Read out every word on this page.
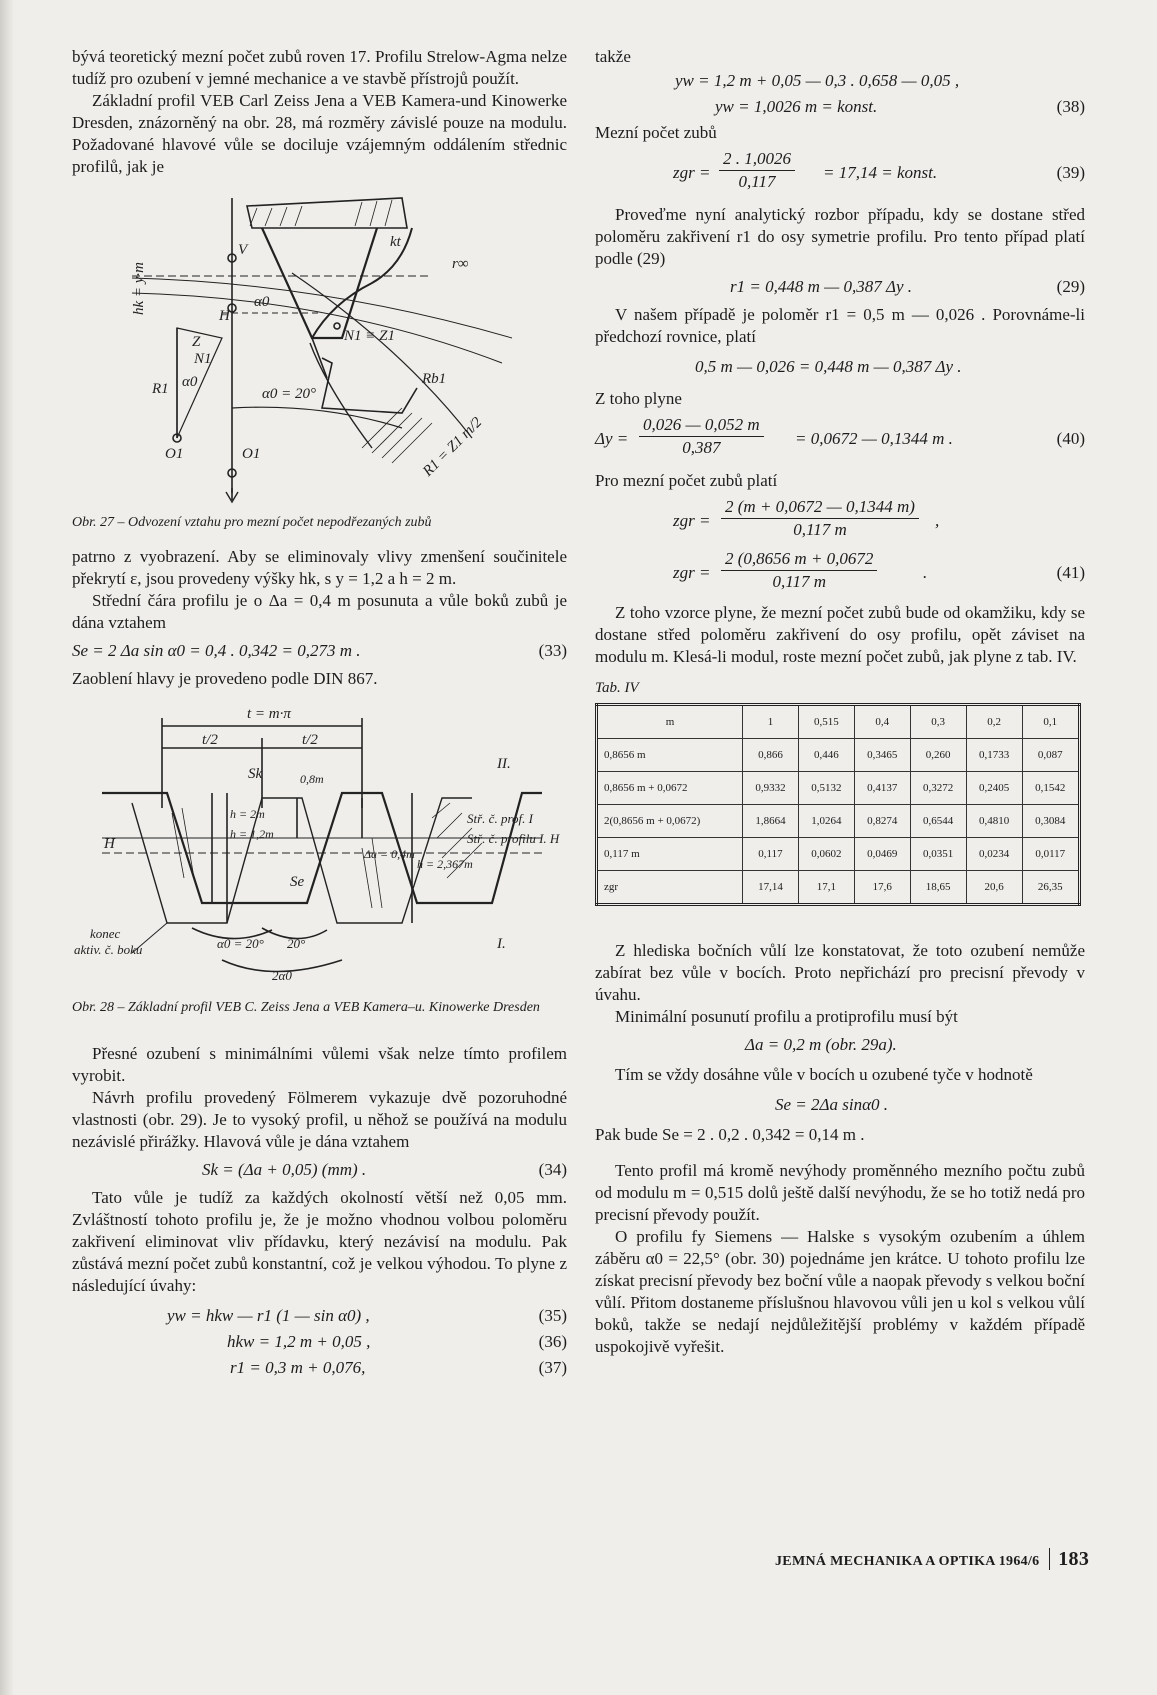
bývá teoretický mezní počet zubů roven 17. Profilu Strelow-Agma nelze tudíž pro ozubení v jemné mechanice a ve stavbě přístrojů použít.

Základní profil VEB Carl Zeiss Jena a VEB Kamera-und Kinowerke Dresden, znázorněný na obr. 28, má rozměry závislé pouze na modulu. Požadované hlavové vůle se dociluje vzájemným oddálením střednic profilů, jak je

V
Z
H
N1
O1	O1
R1
r∞
kt
α0
α0 = 20°
N1 ≡ Z1
hk = y·m
Rb1
R1 = Z1 m/2
α0
Obr. 27 – Odvození vztahu pro mezní počet nepodřezaných zubů

patrno z vyobrazení. Aby se eliminovaly vlivy zmenšení součinitele překrytí ε, jsou provedeny výšky hk, s y = 1,2 a h = 2 m.

Střední čára profilu je o Δa = 0,4 m posunuta a vůle boků zubů je dána vztahem

Se = 2 Δa sin α0 = 0,4 . 0,342 = 0,273 m .	(33)

Zaoblení hlavy je provedeno podle DIN 867.

t = m·π
t/2	t/2
Sk
h = 1,2m
h = 2m
0,8m
Δa = 0,4m
h = 2,367m
Se
II.
I.
H
Stř. č. prof. I
Stř. č. profilu I. H
konec
aktiv. č. boku	α0 = 20° 20°
2α0
Obr. 28 – Základní profil VEB C. Zeiss Jena a VEB Kamera–u. Kinowerke Dresden

Přesné ozubení s minimálními vůlemi však nelze tímto profilem vyrobit.

Návrh profilu provedený Fölmerem vykazuje dvě pozoruhodné vlastnosti (obr. 29). Je to vysoký profil, u něhož se používá na modulu nezávislé přirážky. Hlavová vůle je dána vztahem

Sk = (Δa + 0,05) (mm) .	(34)

Tato vůle je tudíž za každých okolností větší než 0,05 mm. Zvláštností tohoto profilu je, že je možno vhodnou volbou poloměru zakřivení eliminovat vliv přídavku, který nezávisí na modulu. Pak zůstává mezní počet zubů konstantní, což je velkou výhodou. To plyne z následující úvahy:

yw = hkw — r1 (1 — sin α0) ,	(35)
hkw = 1,2 m + 0,05 ,	(36)
r1 = 0,3 m + 0,076,	(37)

takže

yw = 1,2 m + 0,05 — 0,3 . 0,658 — 0,05 ,
yw = 1,0026 m = konst.	(38)

Mezní počet zubů

zgr = $\frac{2 . 1,0026}{0,117} = 17,14$ = konst.	(39)

Proveďme nyní analytický rozbor případu, kdy se dostane střed poloměru zakřivení r1 do osy symetrie profilu. Pro tento případ platí podle (29)

r1 = 0,448 m — 0,387 Δy .	(29)

V našem případě je poloměr r1 = 0,5 m — 0,026 . Porovnáme-li předchozí rovnice, platí

0,5 m — 0,026 = 0,448 m — 0,387 Δy .

Z toho plyne

$\Delta y = \frac{0,026 — 0,052 m}{0,387} = 0,0672$ — 0,1344 m .	(40)

Pro mezní počet zubů platí

zgr = $\frac{2 (m + 0,0672 — 0,1344 m)}{0,117 m}$ ,
zgr = $\frac{2 (0,8656 m + 0,0672}{0,117 m}$	.	(41)

Z toho vzorce plyne, že mezní počet zubů bude od okamžiku, kdy se dostane střed poloměru zakřivení do osy profilu, opět záviset na modulu m. Klesá-li modul, roste mezní počet zubů, jak plyne z tab. IV.

Tab. IV
m	1	0,515	0,4	0,3	0,2	0,1
0,8656 m	0,866	0,446	0,3465	0,260	0,1733	0,087
0,8656 m + 0,0672	0,9332	0,5132	0,4137	0,3272	0,2405	0,1542
2(0,8656 m + 0,0672)	1,8664	1,0264	0,8274	0,6544	0,4810	0,3084
0,117 m	0,117	0,0602	0,0469	0,0351	0,0234	0,0117
zgr	17,14	17,1	17,6	18,65	20,6	26,35

Z hlediska bočních vůlí lze konstatovat, že toto ozubení nemůže zabírat bez vůle v bocích. Proto nepřichází pro precisní převody v úvahu.

Minimální posunutí profilu a protiprofilu musí být

Δa = 0,2 m (obr. 29a).

Tím se vždy dosáhne vůle v bocích u ozubené tyče v hodnotě

Se = 2Δa sinα0 .
Pak bude Se = 2 . 0,2 . 0,342 = 0,14 m .

Tento profil má kromě nevýhody proměnného mezního počtu zubů od modulu m = 0,515 dolů ještě další nevýhodu, že se ho totiž nedá pro precisní převody použít.

O profilu fy Siemens — Halske s vysokým ozubením a úhlem záběru α0 = 22,5° (obr. 30) pojednáme jen krátce. U tohoto profilu lze získat precisní převody bez boční vůle a naopak převody s velkou boční vůlí. Přitom dostaneme příslušnou hlavovou vůli jen u kol s velkou vůlí boků, takže se nedají nejdůležitější problémy v každém případě uspokojivě vyřešit.

JEMNÁ MECHANIKA A OPTIKA 1964/6 183
